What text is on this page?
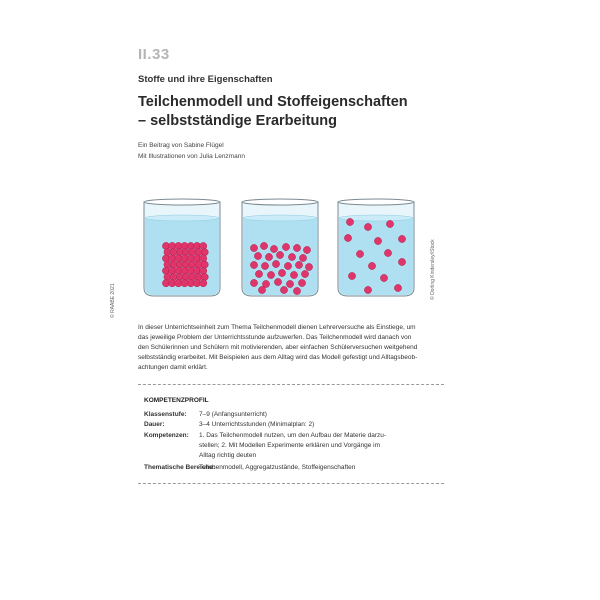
II.33
Stoffe und ihre Eigenschaften
Teilchenmodell und Stoffeigenschaften
– selbstständige Erarbeitung
Ein Beitrag von Sabine Flügel
Mit Illustrationen von Julia Lenzmann
© RAABE 2021
© Dorling Kindersley/iStock
In dieser Unterrichtseinheit zum Thema Teilchenmodell dienen Lehrerversuche als Einstiege, um
das jeweilige Problem der Unterrichtsstunde aufzuwerfen. Das Teilchenmodell wird danach von
den Schülerinnen und Schülern mit motivierenden, aber einfachen Schülerversuchen weitgehend
selbstständig erarbeitet. Mit Beispielen aus dem Alltag wird das Modell gefestigt und Alltagsbeob-
achtungen damit erklärt.
KOMPETENZPROFIL
Klassenstufe: 7–9 (Anfangsunterricht)
Dauer:	3–4 Unterrichtsstunden (Minimalplan: 2)
Kompetenzen: 1. Das Teilchenmodell nutzen, um den Aufbau der Materie darzu-
stellen; 2. Mit Modellen Experimente erklären und Vorgänge im
Alltag richtig deuten
Thematische Bereiche:
Teilchenmodell, Aggregatzustände, Stoffeigenschaften
